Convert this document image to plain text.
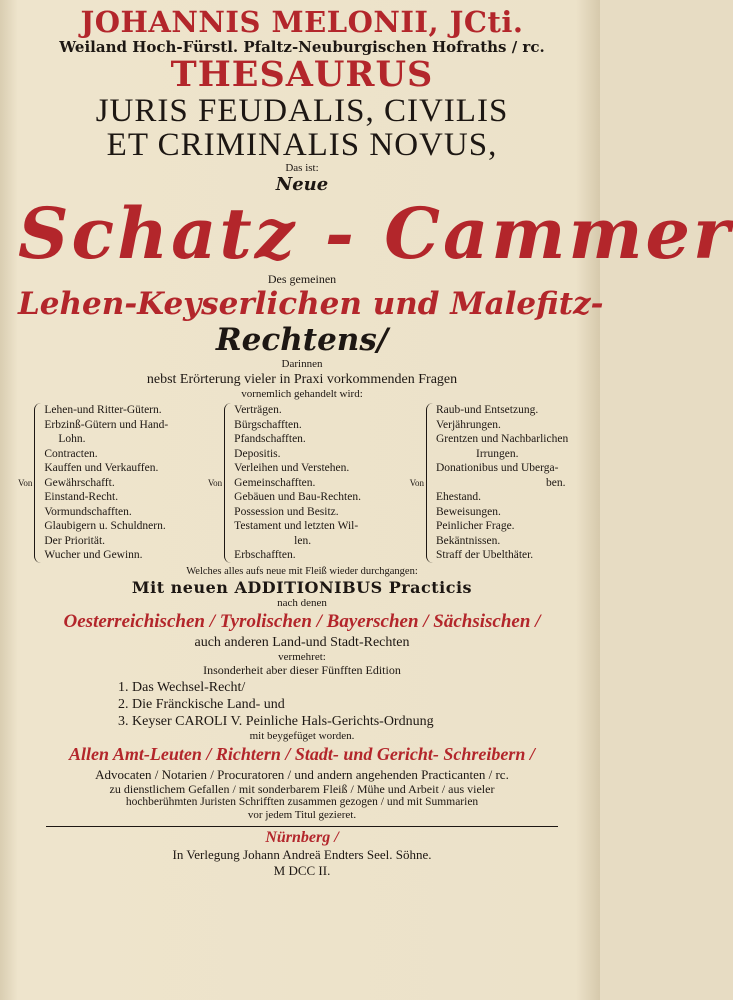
JOHANNIS MELONII, JCti.
Weiland Hoch-Fürstl. Pfaltz-Neuburgischen Hofraths / rc.
THESAURUS
JURIS FEUDALIS, CIVILIS
ET CRIMINALIS NOVUS,
Das ist:
Neue
Schatz - Cammer
Des gemeinen
Lehen-Keyserlichen und Malefitz-
Rechtens/
Darinnen
nebst Erörterung vieler in Praxi vorkommenden Fragen
vornemlich gehandelt wird:
Von
Lehen-und Ritter-Gütern.
Erbzinß-Gütern und Hand-
Lohn.
Contracten.
Kauffen und Verkauffen.
Gewährschafft.
Einstand-Recht.
Vormundschafften.
Glaubigern u. Schuldnern.
Der Priorität.
Wucher und Gewinn.
Von
Verträgen.
Bürgschafften.
Pfandschafften.
Depositis.
Verleihen und Verstehen.
Gemeinschafften.
Gebäuen und Bau-Rechten.
Possession und Besitz.
Testament und letzten Wil-
len.
Erbschafften.
Von
Raub-und Entsetzung.
Verjährungen.
Grentzen und Nachbarlichen
Irrungen.
Donationibus und Uberga-
ben.
Ehestand.
Beweisungen.
Peinlicher Frage.
Bekäntnissen.
Straff der Ubelthäter.
Welches alles aufs neue mit Fleiß wieder durchgangen:
Mit neuen ADDITIONIBUS Practicis
nach denen
Oesterreichischen / Tyrolischen / Bayerschen / Sächsischen /
auch anderen Land-und Stadt-Rechten
vermehret:
Insonderheit aber dieser Fünfften Edition
1. Das Wechsel-Recht/
2. Die Fränckische Land- und
3. Keyser CAROLI V. Peinliche Hals-Gerichts-Ordnung
mit beygefüget worden.
Allen Amt-Leuten / Richtern / Stadt- und Gericht- Schreibern /
Advocaten / Notarien / Procuratoren / und andern angehenden Practicanten / rc.
zu dienstlichem Gefallen / mit sonderbarem Fleiß / Mühe und Arbeit / aus vieler
hochberühmten Juristen Schrifften zusammen gezogen / und mit Summarien
vor jedem Titul gezieret.
Nürnberg /
In Verlegung Johann Andreä Endters Seel. Söhne.
M DCC II.
